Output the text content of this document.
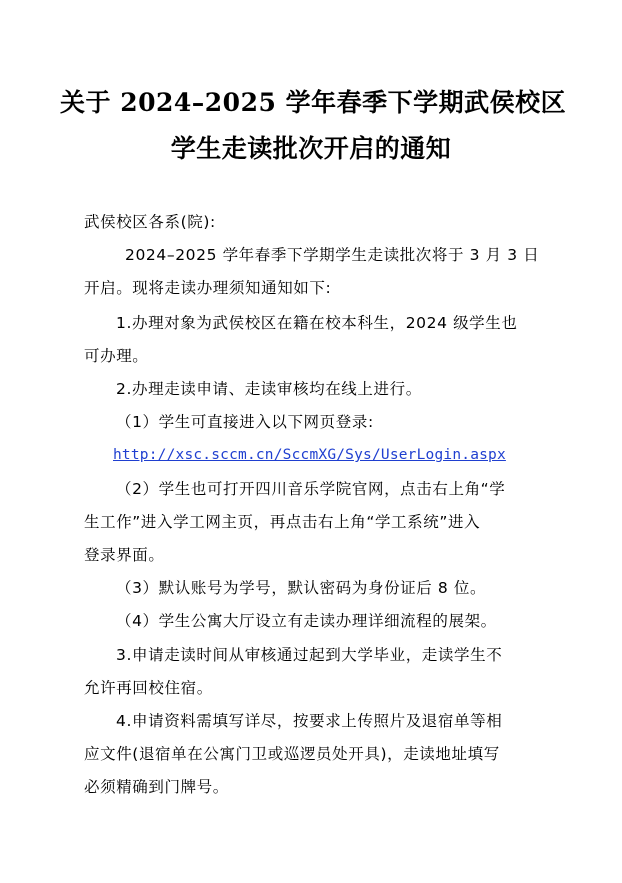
关于 2024–2025 学年春季下学期武侯校区
学生走读批次开启的通知
武侯校区各系(院):
2024–2025 学年春季下学期学生走读批次将于 3 月 3 日
开启。现将走读办理须知通知如下:
1.办理对象为武侯校区在籍在校本科生，2024 级学生也
可办理。
2.办理走读申请、走读审核均在线上进行。
（1）学生可直接进入以下网页登录:
http://xsc.sccm.cn/SccmXG/Sys/UserLogin.aspx
（2）学生也可打开四川音乐学院官网，点击右上角“学
生工作”进入学工网主页，再点击右上角“学工系统”进入
登录界面。
（3）默认账号为学号，默认密码为身份证后 8 位。
（4）学生公寓大厅设立有走读办理详细流程的展架。
3.申请走读时间从审核通过起到大学毕业，走读学生不
允许再回校住宿。
4.申请资料需填写详尽，按要求上传照片及退宿单等相
应文件(退宿单在公寓门卫或巡逻员处开具)，走读地址填写
必须精确到门牌号。
